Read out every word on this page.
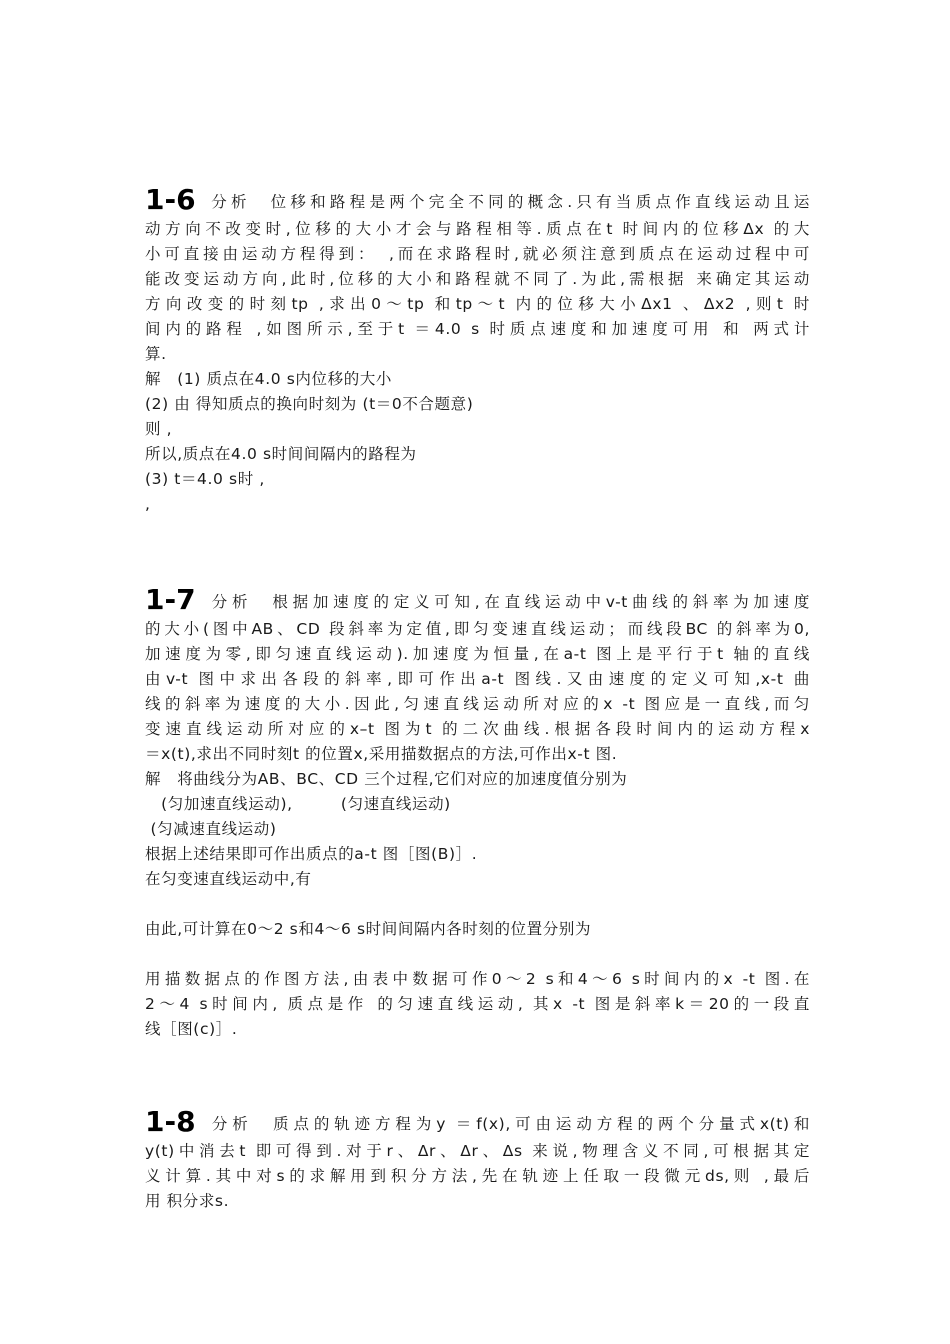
1-6 分析　位移和路程是两个完全不同的概念.只有当质点作直线运动且运
动方向不改变时,位移的大小才会与路程相等.质点在t 时间内的位移Δx 的大
小可直接由运动方程得到：　,而在求路程时,就必须注意到质点在运动过程中可
能改变运动方向,此时,位移的大小和路程就不同了.为此,需根据 来确定其运动
方向改变的时刻tp ,求出0～tp 和tp～t 内的位移大小Δx1 、Δx2 ,则t 时
间内的路程 ,如图所示,至于t ＝4.0 s 时质点速度和加速度可用 和 两式计
算.
解　(1) 质点在4.0 s内位移的大小
(2) 由 得知质点的换向时刻为 (t＝0不合题意)
则 ,
所以,质点在4.0 s时间间隔内的路程为
(3) t＝4.0 s时 ,
,
1-7 分析　根据加速度的定义可知,在直线运动中v-t曲线的斜率为加速度
的大小(图中AB、CD 段斜率为定值,即匀变速直线运动；而线段BC 的斜率为0,
加速度为零,即匀速直线运动).加速度为恒量,在a-t 图上是平行于t 轴的直线
由v-t 图中求出各段的斜率,即可作出a-t 图线.又由速度的定义可知,x-t 曲
线的斜率为速度的大小.因此,匀速直线运动所对应的x -t 图应是一直线,而匀
变速直线运动所对应的x–t 图为t 的二次曲线.根据各段时间内的运动方程x
＝x(t),求出不同时刻t 的位置x,采用描数据点的方法,可作出x-t 图.
解　将曲线分为AB、BC、CD 三个过程,它们对应的加速度值分别为
　(匀加速直线运动),　　　(匀速直线运动)
(匀减速直线运动)
根据上述结果即可作出质点的a-t 图［图(B)］.
在匀变速直线运动中,有
由此,可计算在0～2 s和4～6 s时间间隔内各时刻的位置分别为
用描数据点的作图方法,由表中数据可作0～2 s和4～6 s时间内的x -t 图.在
2～4 s时间内, 质点是作 的匀速直线运动, 其x -t 图是斜率k＝20的一段直
线［图(c)］.
1-8 分析　质点的轨迹方程为y ＝f(x),可由运动方程的两个分量式x(t)和
y(t)中消去t 即可得到.对于r、Δr、Δr、Δs 来说,物理含义不同,可根据其定
义计算.其中对s的求解用到积分方法,先在轨迹上任取一段微元ds,则 ,最后
用 积分求s.
